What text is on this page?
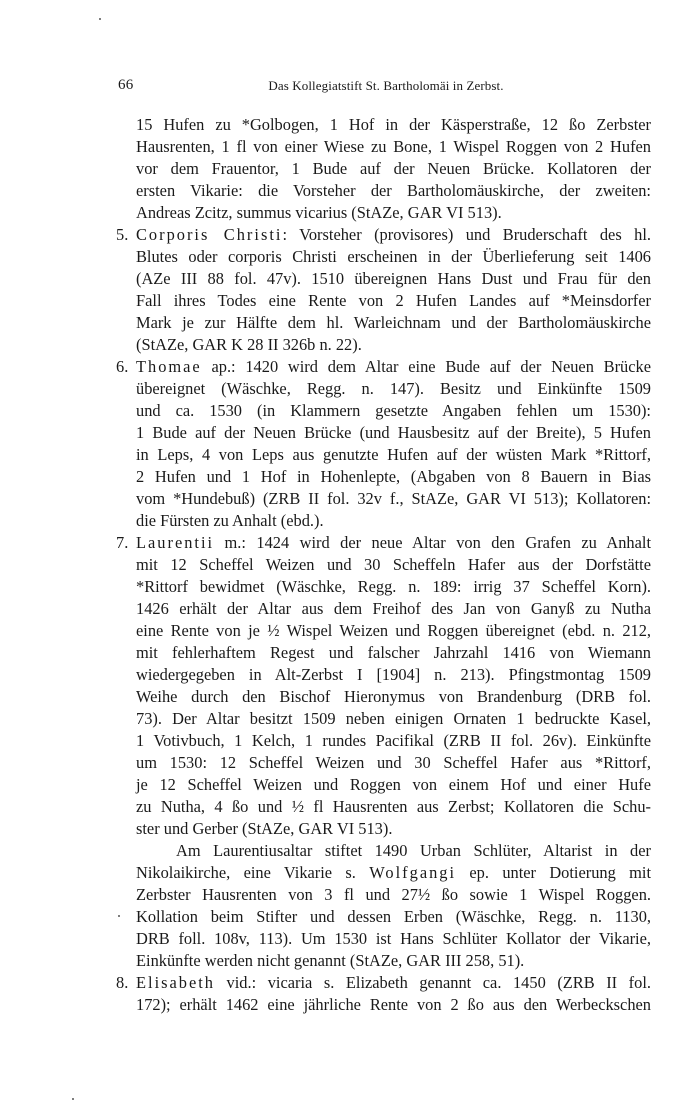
66	Das Kollegiatstift St. Bartholomäi in Zerbst.
15 Hufen zu *Golbogen, 1 Hof in der Käsperstraße, 12 ßo Zerbster
Hausrenten, 1 fl von einer Wiese zu Bone, 1 Wispel Roggen von 2 Hufen
vor dem Frauentor, 1 Bude auf der Neuen Brücke. Kollatoren der
ersten Vikarie: die Vorsteher der Bartholomäuskirche, der zweiten:
Andreas Zcitz, summus vicarius (StAZe, GAR VI 513).
5. Corporis Christi: Vorsteher (provisores) und Bruderschaft des hl.
Blutes oder corporis Christi erscheinen in der Überlieferung seit 1406
(AZe III 88 fol. 47v). 1510 übereignen Hans Dust und Frau für den
Fall ihres Todes eine Rente von 2 Hufen Landes auf *Meinsdorfer
Mark je zur Hälfte dem hl. Warleichnam und der Bartholomäuskirche
(StAZe, GAR K 28 II 326b n. 22).
6. Thomae ap.: 1420 wird dem Altar eine Bude auf der Neuen Brücke
übereignet (Wäschke, Regg. n. 147). Besitz und Einkünfte 1509
und ca. 1530 (in Klammern gesetzte Angaben fehlen um 1530):
1 Bude auf der Neuen Brücke (und Hausbesitz auf der Breite), 5 Hufen
in Leps, 4 von Leps aus genutzte Hufen auf der wüsten Mark *Rittorf,
2 Hufen und 1 Hof in Hohenlepte, (Abgaben von 8 Bauern in Bias
vom *Hundebuß) (ZRB II fol. 32v f., StAZe, GAR VI 513); Kollatoren:
die Fürsten zu Anhalt (ebd.).
7. Laurentii m.: 1424 wird der neue Altar von den Grafen zu Anhalt
mit 12 Scheffel Weizen und 30 Scheffeln Hafer aus der Dorfstätte
*Rittorf bewidmet (Wäschke, Regg. n. 189: irrig 37 Scheffel Korn).
1426 erhält der Altar aus dem Freihof des Jan von Ganyß zu Nutha
eine Rente von je ½ Wispel Weizen und Roggen übereignet (ebd. n. 212,
mit fehlerhaftem Regest und falscher Jahrzahl 1416 von Wiemann
wiedergegeben in Alt-Zerbst I [1904] n. 213). Pfingstmontag 1509
Weihe durch den Bischof Hieronymus von Brandenburg (DRB fol.
73). Der Altar besitzt 1509 neben einigen Ornaten 1 bedruckte Kasel,
1 Votivbuch, 1 Kelch, 1 rundes Pacifikal (ZRB II fol. 26v). Einkünfte
um 1530: 12 Scheffel Weizen und 30 Scheffel Hafer aus *Rittorf,
je 12 Scheffel Weizen und Roggen von einem Hof und einer Hufe
zu Nutha, 4 ßo und ½ fl Hausrenten aus Zerbst; Kollatoren die Schu-
ster und Gerber (StAZe, GAR VI 513).
Am Laurentiusaltar stiftet 1490 Urban Schlüter, Altarist in der
Nikolaikirche, eine Vikarie s. Wolfgangi ep. unter Dotierung mit
Zerbster Hausrenten von 3 fl und 27½ ßo sowie 1 Wispel Roggen.
Kollation beim Stifter und dessen Erben (Wäschke, Regg. n. 1130,
DRB foll. 108v, 113). Um 1530 ist Hans Schlüter Kollator der Vikarie,
Einkünfte werden nicht genannt (StAZe, GAR III 258, 51).
8. Elisabeth vid.: vicaria s. Elizabeth genannt ca. 1450 (ZRB II fol.
172); erhält 1462 eine jährliche Rente von 2 ßo aus den Werbeckschen
